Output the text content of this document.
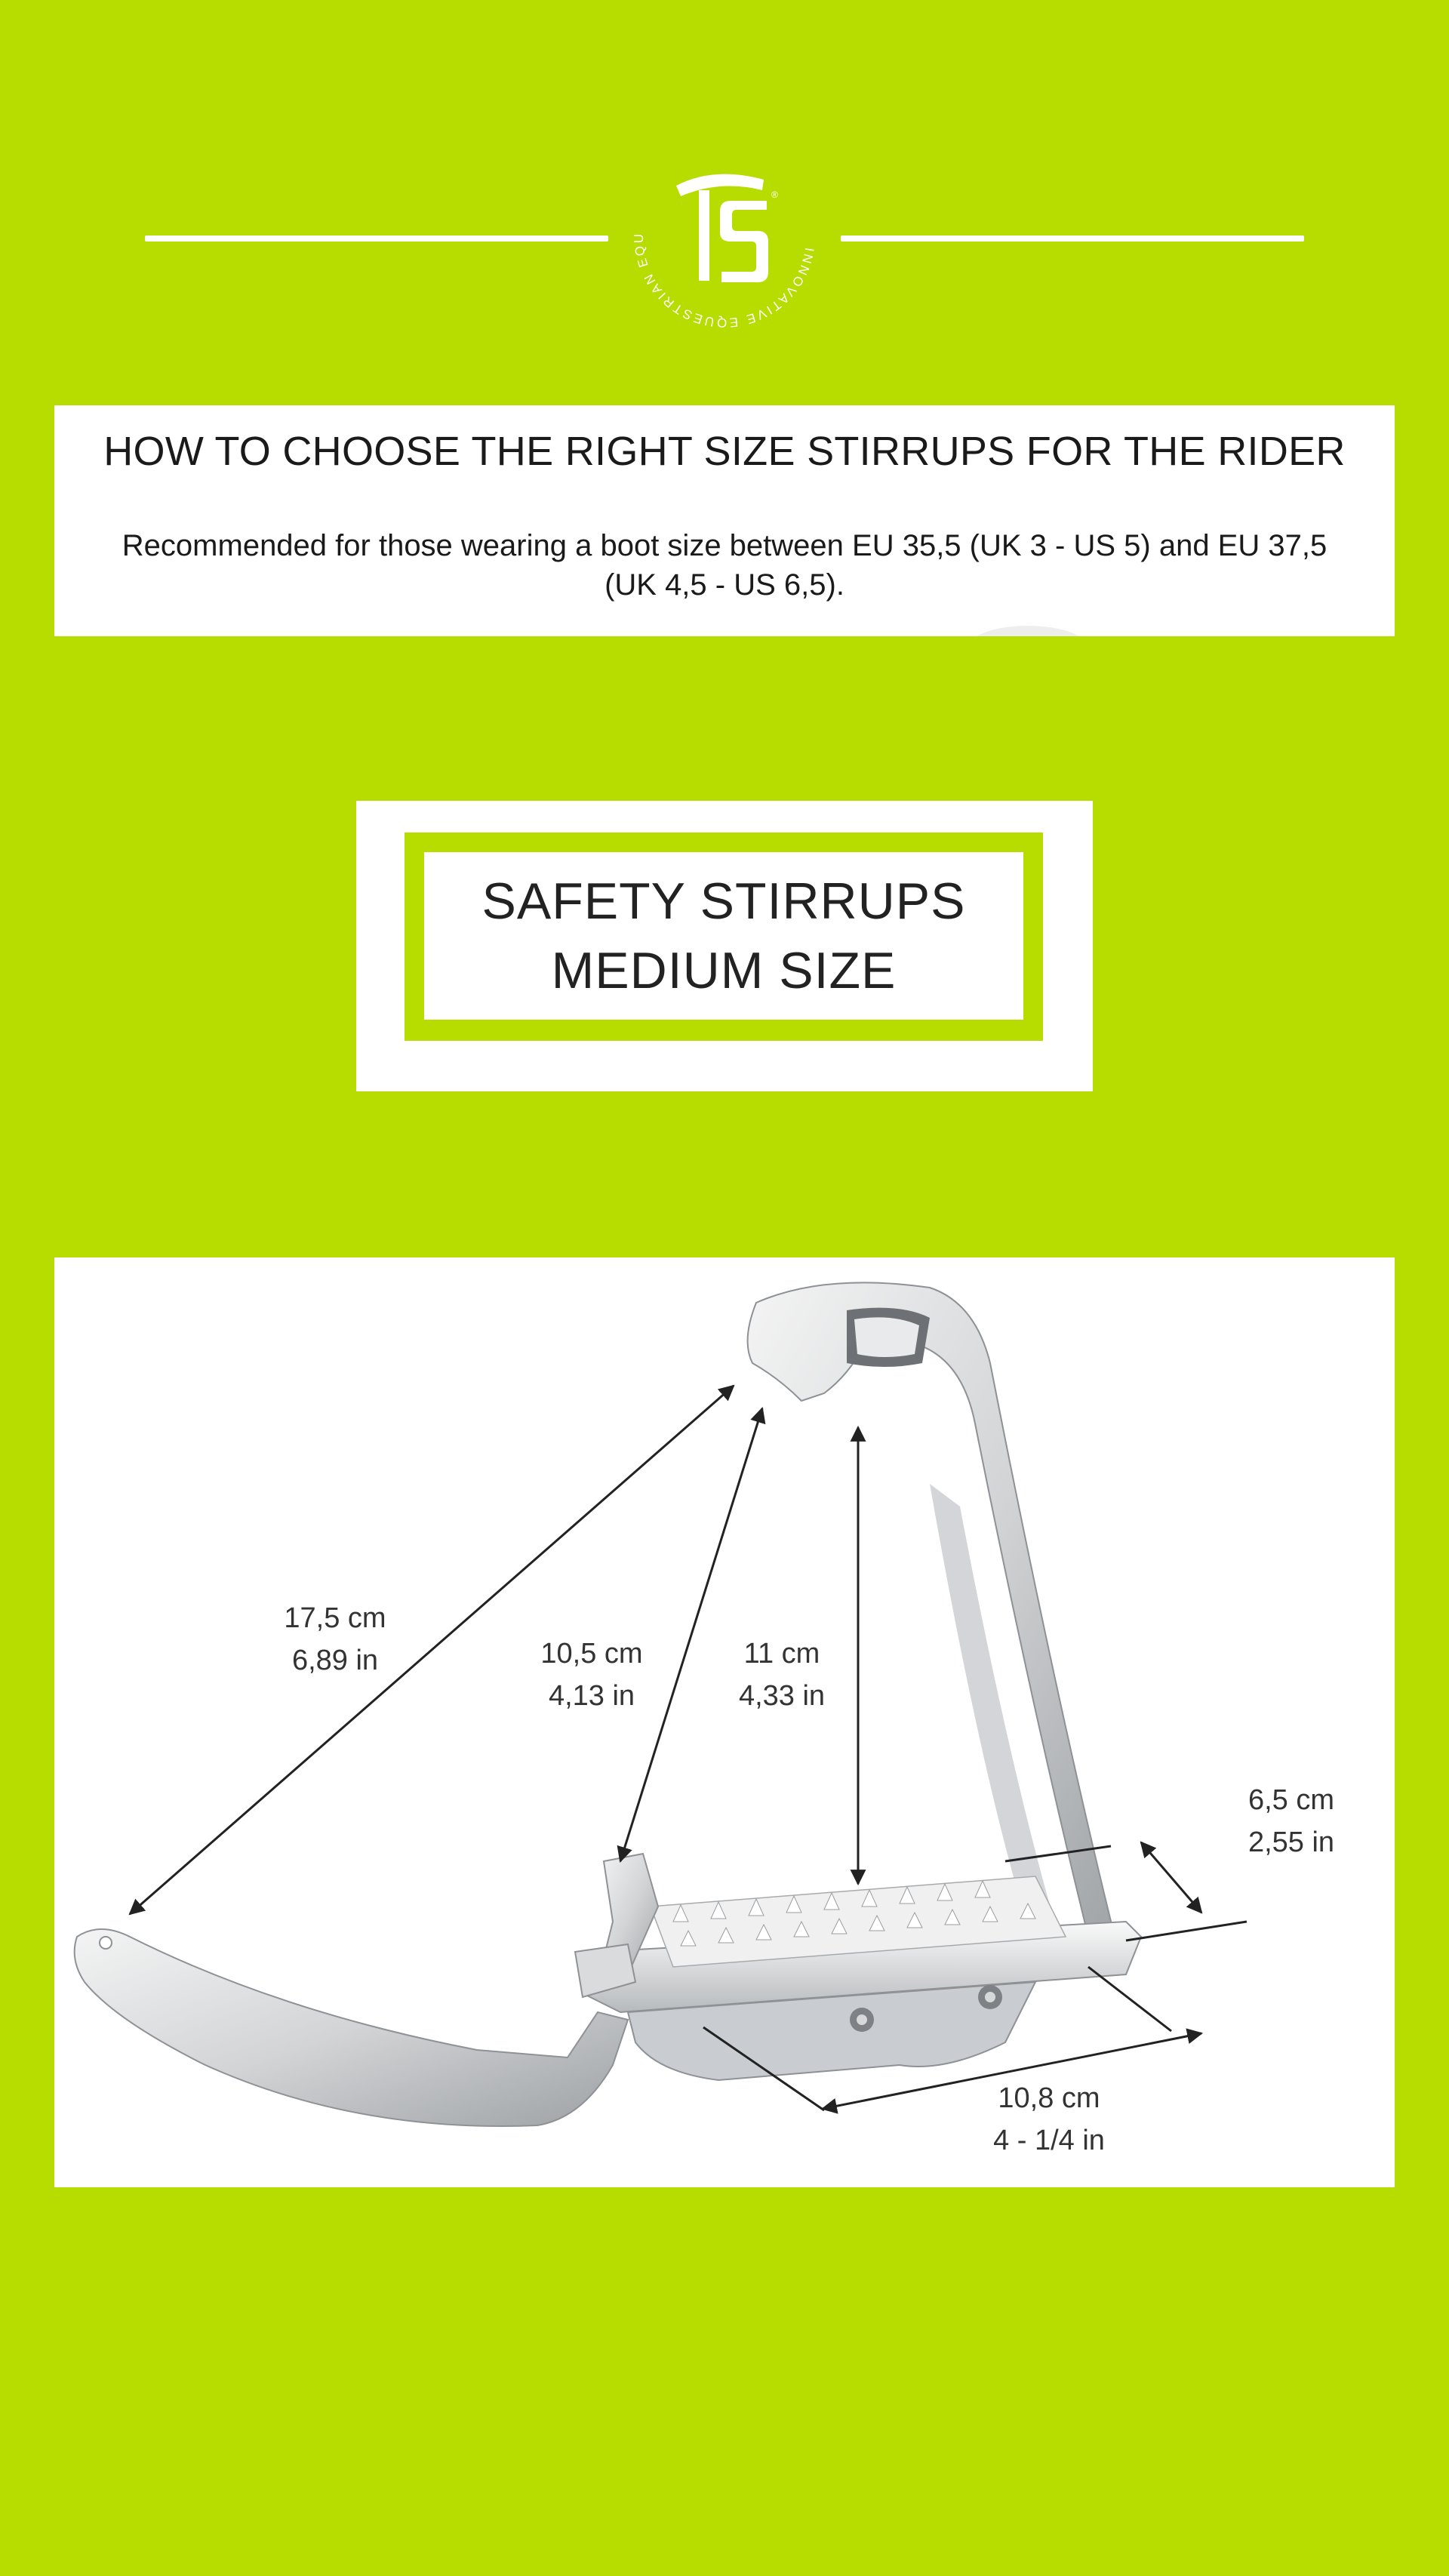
INNOVATIVE EQUESTRIAN EQU
®
HOW TO CHOOSE THE RIGHT SIZE STIRRUPS FOR THE RIDER
Recommended for those wearing a boot size between EU 35,5 (UK 3 - US 5) and EU 37,5
(UK 4,5 - US 6,5).
SAFETY STIRRUPS
MEDIUM SIZE
17,5 cm
6,89 in	10,5 cm
4,13 in
11 cm
4,33 in
6,5 cm
2,55 in
10,8 cm
4 - 1/4 in
